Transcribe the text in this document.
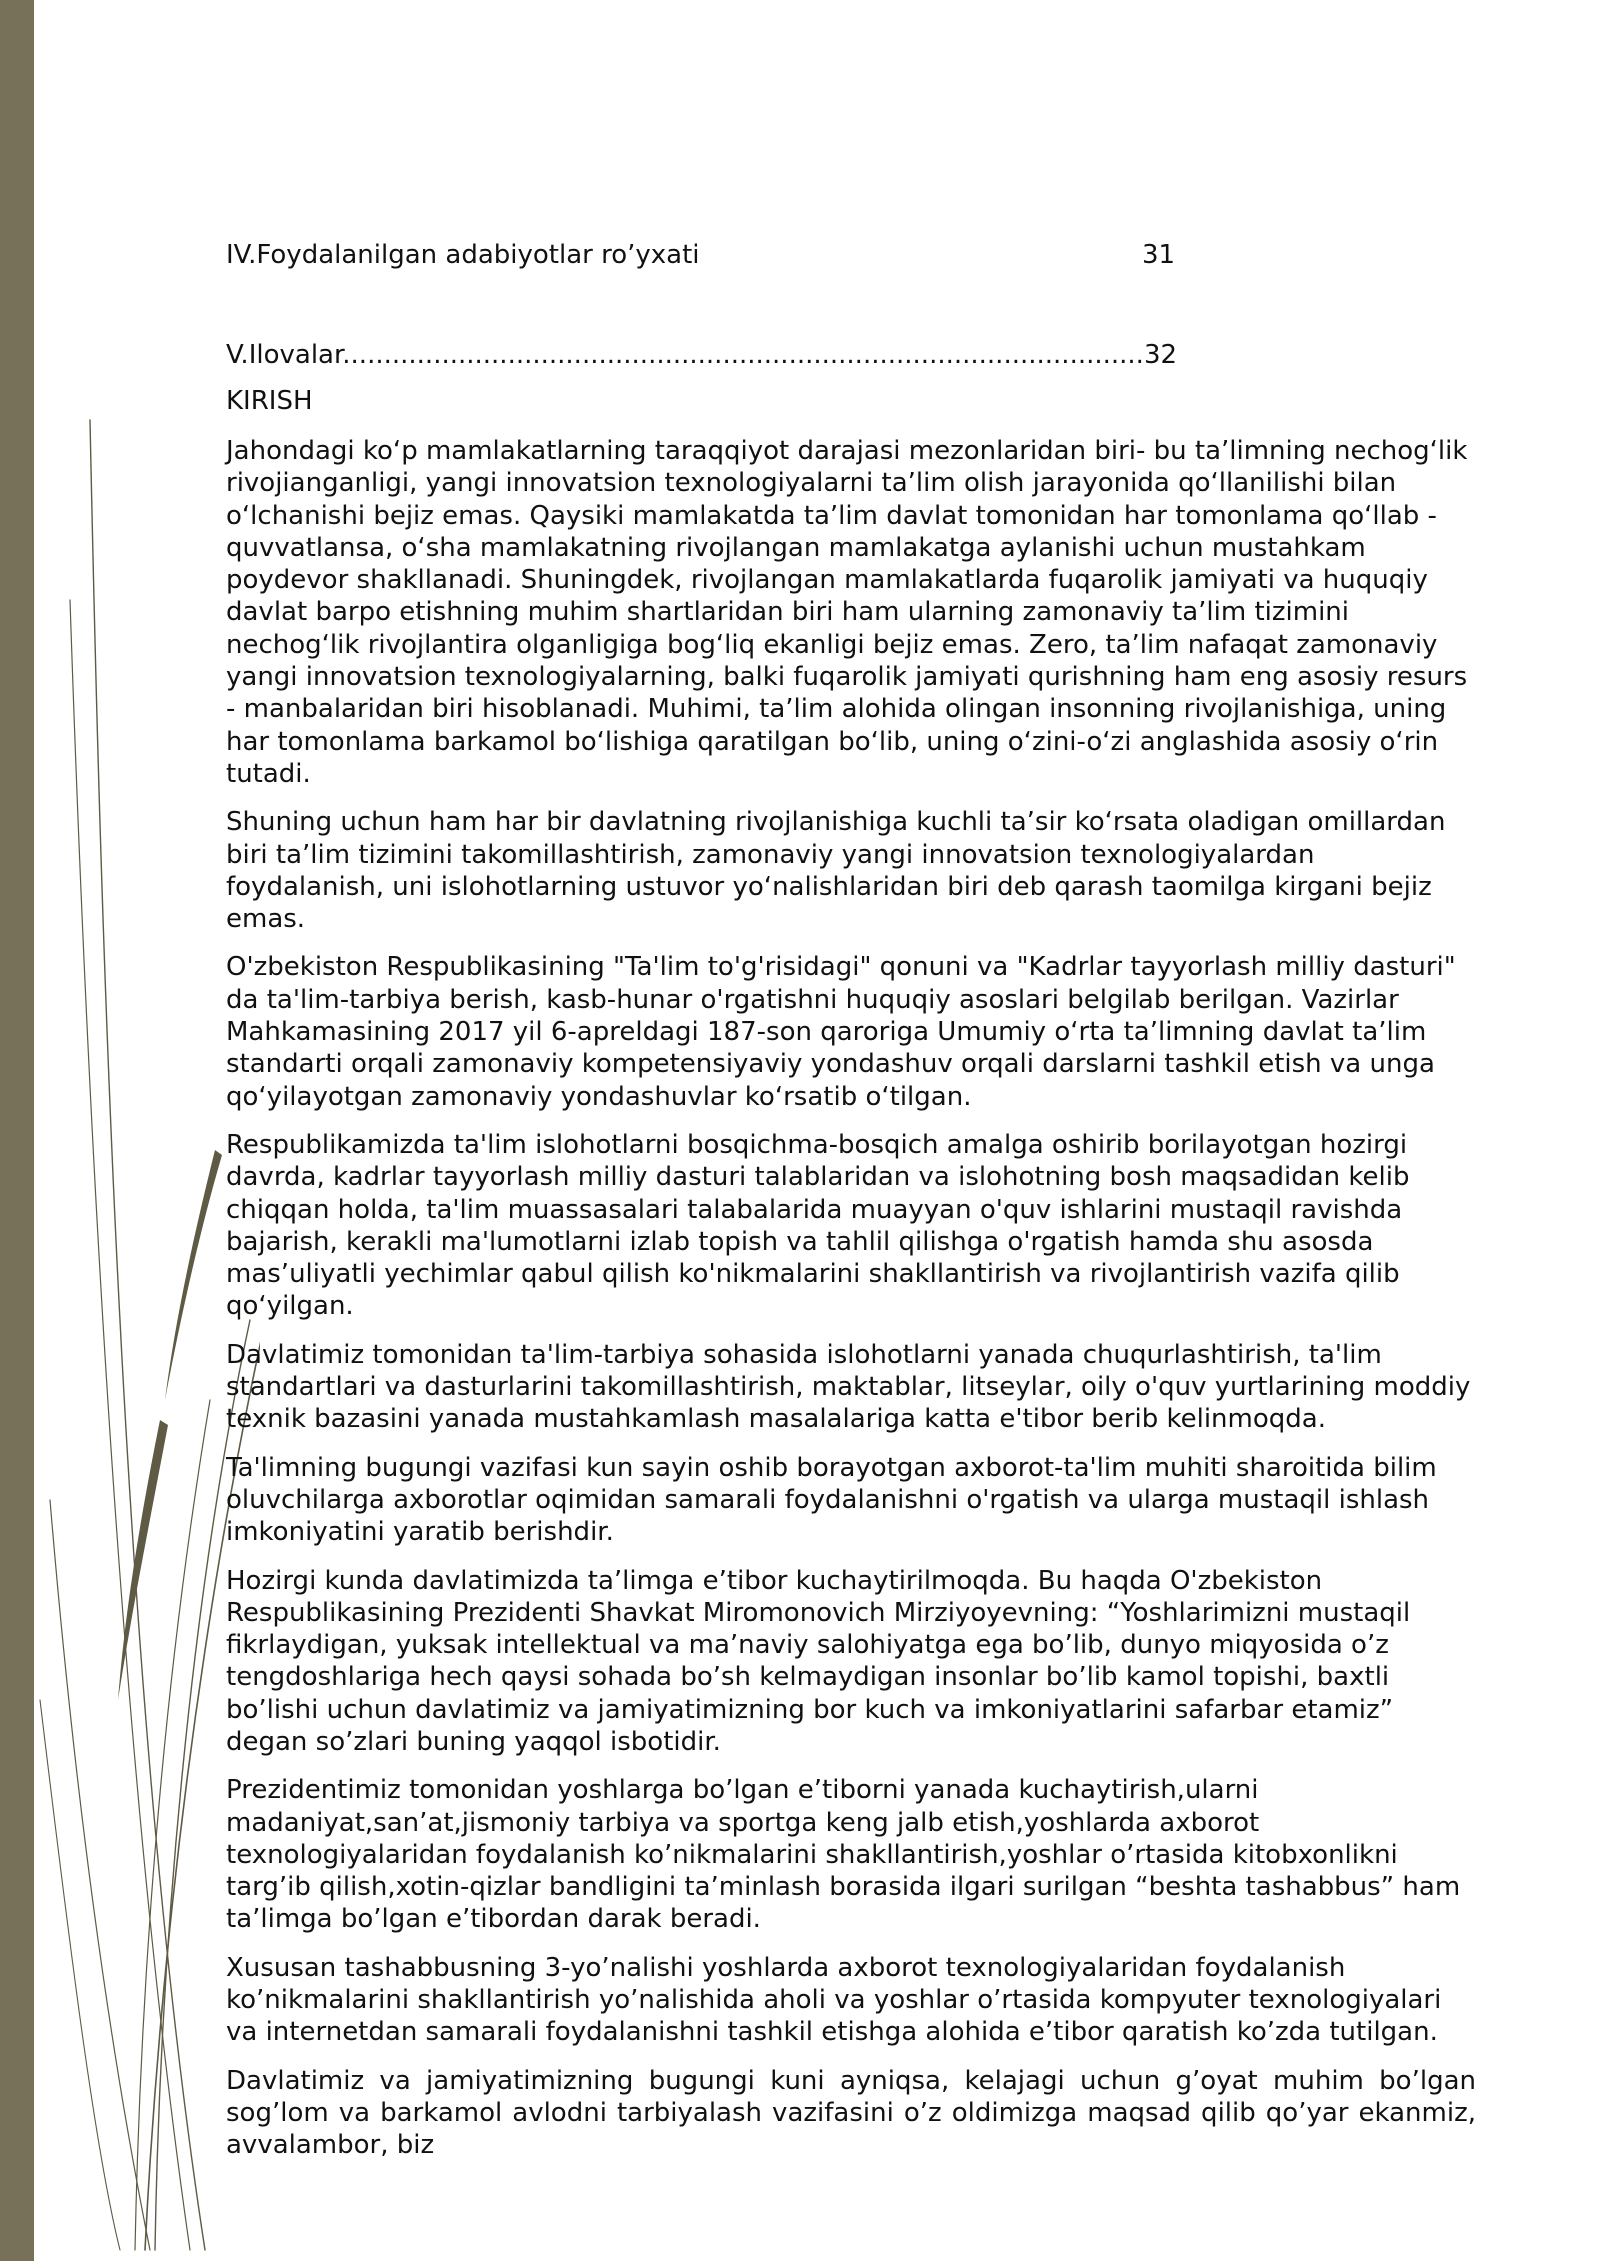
IV.Foydalanilgan adabiyotlar ro’yxati	31
V.Ilovalar.................................................................................................32
KIRISH

Jahondagi ko‘p mamlakatlarning taraqqiyot darajasi mezonlaridan biri- bu ta’limning nechog‘lik rivojianganligi, yangi innovatsion texnologiyalarni ta’lim olish jarayonida qo‘llanilishi bilan o‘lchanishi bejiz emas. Qaysiki mamlakatda ta’lim davlat tomonidan har tomonlama qo‘llab - quvvatlansa, o‘sha mamlakatning rivojlangan mamlakatga aylanishi uchun mustahkam poydevor shakllanadi. Shuningdek, rivojlangan mamlakatlarda fuqarolik jamiyati va huquqiy davlat barpo etishning muhim shartlaridan biri ham ularning zamonaviy ta’lim tizimini nechog‘lik rivojlantira olganligiga bog‘liq ekanligi bejiz emas. Zero, ta’lim nafaqat zamonaviy yangi innovatsion texnologiyalarning, balki fuqarolik jamiyati qurishning ham eng asosiy resurs - manbalaridan biri hisoblanadi. Muhimi, ta’lim alohida olingan insonning rivojlanishiga, uning har tomonlama barkamol bo‘lishiga qaratilgan bo‘lib, uning o‘zini-o‘zi anglashida asosiy o‘rin tutadi.

Shuning uchun ham har bir davlatning rivojlanishiga kuchli ta’sir ko‘rsata oladigan omillardan biri ta’lim tizimini takomillashtirish, zamonaviy yangi innovatsion texnologiyalardan foydalanish, uni islohotlarning ustuvor yo‘nalishlaridan biri deb qarash taomilga kirgani bejiz emas.

O'zbekiston Respublikasining "Ta'lim to'g'risidagi" qonuni va "Kadrlar tayyorlash milliy dasturi" da ta'lim-tarbiya berish, kasb-hunar o'rgatishni huquqiy asoslari belgilab berilgan. Vazirlar Mahkamasining 2017 yil 6-apreldagi 187-son qaroriga Umumiy o‘rta ta’limning davlat ta’lim standarti orqali zamonaviy kompetensiyaviy yondashuv orqali darslarni tashkil etish va unga qo‘yilayotgan zamonaviy yondashuvlar ko‘rsatib o‘tilgan.

Respublikamizda ta'lim islohotlarni bosqichma-bosqich amalga oshirib borilayotgan hozirgi davrda, kadrlar tayyorlash milliy dasturi talablaridan va islohotning bosh maqsadidan kelib chiqqan holda, ta'lim muassasalari talabalarida muayyan o'quv ishlarini mustaqil ravishda bajarish, kerakli ma'lumotlarni izlab topish va tahlil qilishga o'rgatish hamda shu asosda mas’uliyatli yechimlar qabul qilish ko'nikmalarini shakllantirish va rivojlantirish vazifa qilib qo‘yilgan.

Davlatimiz tomonidan ta'lim-tarbiya sohasida islohotlarni yanada chuqurlashtirish, ta'lim standartlari va dasturlarini takomillashtirish, maktablar, litseylar, oily o'quv yurtlarining moddiy texnik bazasini yanada mustahkamlash masalalariga katta e'tibor berib kelinmoqda.

Ta'limning bugungi vazifasi kun sayin oshib borayotgan axborot-ta'lim muhiti sharoitida bilim oluvchilarga axborotlar oqimidan samarali foydalanishni o'rgatish va ularga mustaqil ishlash imkoniyatini yaratib berishdir.

Hozirgi kunda davlatimizda ta’limga e’tibor kuchaytirilmoqda. Bu haqda O'zbekiston Respublikasining Prezidenti Shavkat Miromonovich Mirziyoyevning: “Yoshlarimizni mustaqil fikrlaydigan, yuksak intellektual va ma’naviy salohiyatga ega bo’lib, dunyo miqyosida o’z tengdoshlariga hech qaysi sohada bo’sh kelmaydigan insonlar bo’lib kamol topishi, baxtli bo’lishi uchun davlatimiz va jamiyatimizning bor kuch va imkoniyatlarini safarbar etamiz” degan so’zlari buning yaqqol isbotidir.

Prezidentimiz tomonidan yoshlarga bo’lgan e’tiborni yanada kuchaytirish,ularni madaniyat,san’at,jismoniy tarbiya va sportga keng jalb etish,yoshlarda axborot texnologiyalaridan foydalanish ko’nikmalarini shakllantirish,yoshlar o’rtasida kitobxonlikni targ’ib qilish,xotin-qizlar bandligini ta’minlash borasida ilgari surilgan “beshta tashabbus” ham ta’limga bo’lgan e’tibordan darak beradi.

Xususan tashabbusning 3-yo’nalishi yoshlarda axborot texnologiyalaridan foydalanish ko’nikmalarini shakllantirish yo’nalishida aholi va yoshlar o’rtasida kompyuter texnologiyalari va internetdan samarali foydalanishni tashkil etishga alohida e’tibor qaratish ko’zda tutilgan.

Davlatimiz va jamiyatimizning bugungi kuni ayniqsa, kelajagi uchun g’oyat muhim bo’lgan sog’lom va barkamol avlodni tarbiyalash vazifasini o’z oldimizga maqsad qilib qo’yar ekanmiz, avvalambor, biz
